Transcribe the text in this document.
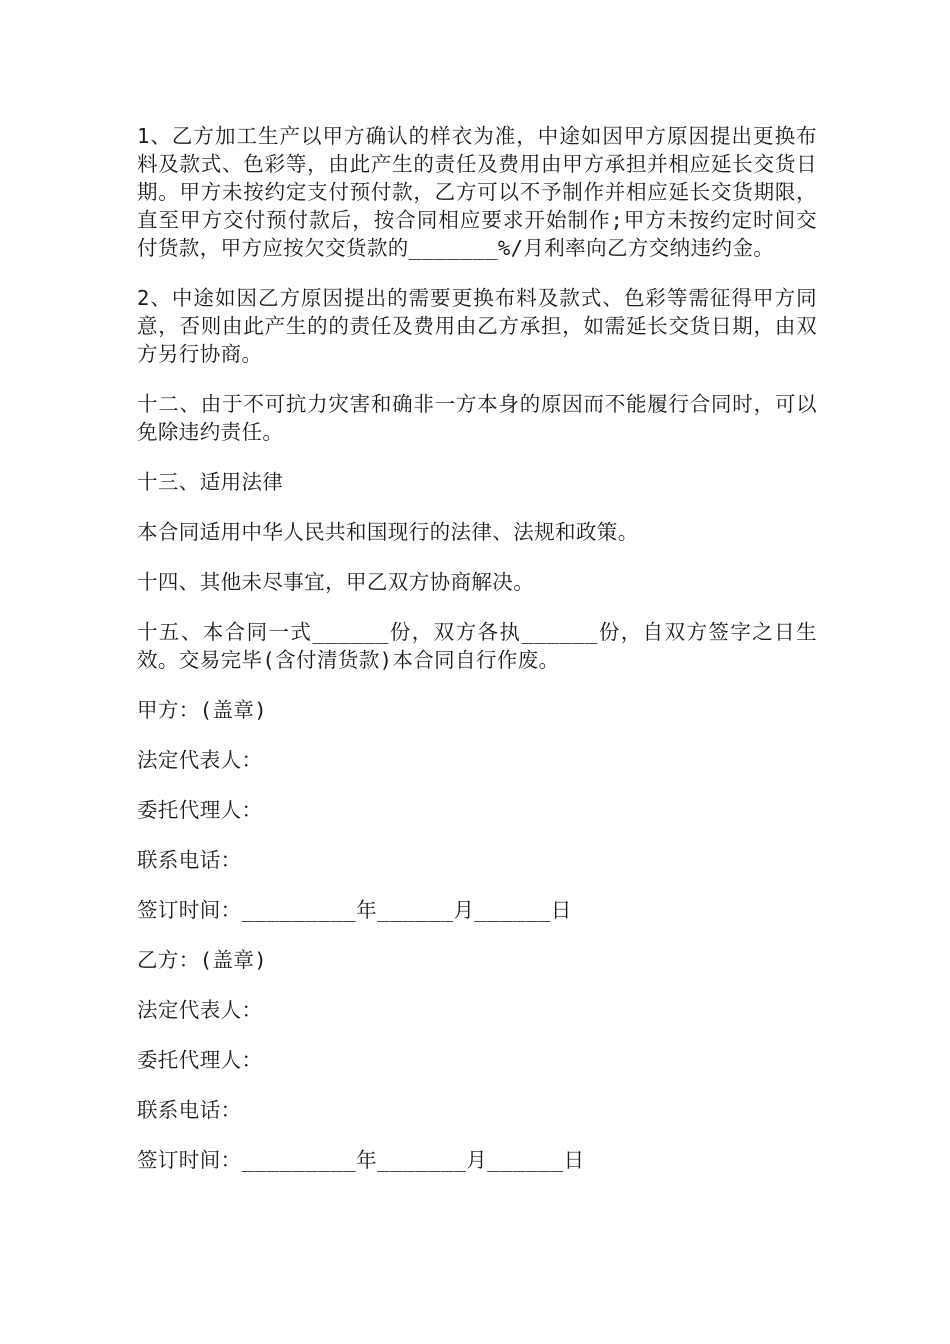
1、乙方加工生产以甲方确认的样衣为准，中途如因甲方原因提出更换布料及款式、色彩等，由此产生的责任及费用由甲方承担并相应延长交货日期。甲方未按约定支付预付款，乙方可以不予制作并相应延长交货期限，直至甲方交付预付款后，按合同相应要求开始制作;甲方未按约定时间交付货款，甲方应按欠交货款的_______%/月利率向乙方交纳违约金。

2、中途如因乙方原因提出的需要更换布料及款式、色彩等需征得甲方同意，否则由此产生的的责任及费用由乙方承担，如需延长交货日期，由双方另行协商。

十二、由于不可抗力灾害和确非一方本身的原因而不能履行合同时，可以免除违约责任。

十三、适用法律

本合同适用中华人民共和国现行的法律、法规和政策。

十四、其他未尽事宜，甲乙双方协商解决。

十五、本合同一式______份，双方各执______份，自双方签字之日生效。交易完毕(含付清货款)本合同自行作废。

甲方：(盖章)

法定代表人：

委托代理人：

联系电话：

签订时间：_________年______月______日

乙方：(盖章)

法定代表人：

委托代理人：

联系电话：

签订时间：_________年_______月______日
